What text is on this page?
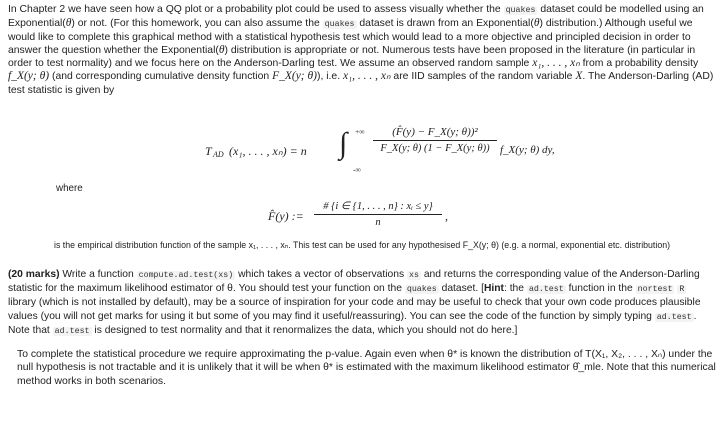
In Chapter 2 we have seen how a QQ plot or a probability plot could be used to assess visually whether the quakes dataset could be modelled using an Exponential(θ) or not. (For this homework, you can also assume the quakes dataset is drawn from an Exponential(θ) distribution.) Although useful we would like to complete this graphical method with a statistical hypothesis test which would lead to a more objective and principled decision in order to answer the question whether the Exponential(θ) distribution is appropriate or not. Numerous tests have been proposed in the literature (in particular in order to test normality) and we focus here on the Anderson-Darling test. We assume an observed random sample x₁, . . . , xₙ from a probability density f_X(y; θ) (and corresponding cumulative density function F_X(y; θ)), i.e. x₁, . . . , xₙ are IID samples of the random variable X. The Anderson-Darling (AD) test statistic is given by
T AD (x₁, . . . , xₙ) = n ∫ +∞
-∞
$\frac{\text{(F̂(y) − F\_X(y; θ))²}}{F\_X(y; \theta) (1 - F\_X(y; \theta))}$ f_X(y; θ) dy,
where
F̂(y) := $\frac{\text{\# \{i ∈ \{1, . . . , n\} : xᵢ ≤ y\}}}{n}$ ,
is the empirical distribution function of the sample x₁, . . . , xₙ. This test can be used for any hypothesised F_X(y; θ) (e.g. a normal, exponential etc. distribution)
(20 marks) Write a function compute.ad.test(xs) which takes a vector of observations xs and returns the corresponding value of the Anderson-Darling statistic for the maximum likelihood estimator of θ. You should test your function on the quakes dataset. [Hint: the ad.test function in the nortest R library (which is not installed by default), may be a source of inspiration for your code and may be useful to check that your own code produces plausible values (you will not get marks for using it but some of you may find it useful/reassuring). You can see the code of the function by simply typing ad.test . Note that ad.test is designed to test normality and that it renormalizes the data, which you should not do here.]
To complete the statistical procedure we require approximating the p-value. Again even when θ* is known the distribution of T(X₁, X₂, . . . , Xₙ) under the null hypothesis is not tractable and it is unlikely that it will be when θ* is estimated with the maximum likelihood estimator θ̂_mle. Note that this numerical method works in both scenarios.
